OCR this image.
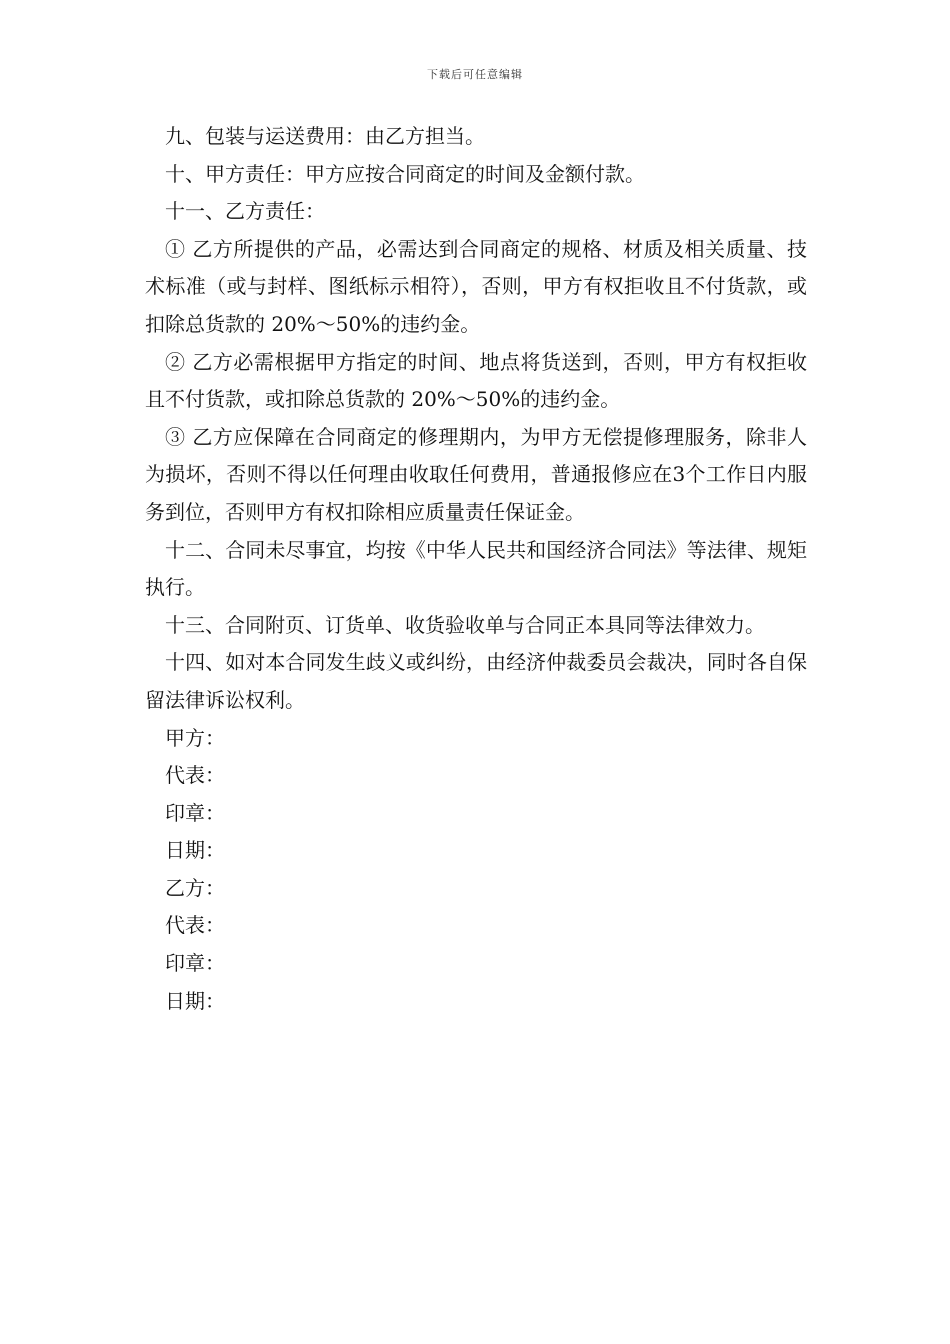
下载后可任意编辑

九、包装与运送费用：由乙方担当。

十、甲方责任：甲方应按合同商定的时间及金额付款。

十一、乙方责任：

① 乙方所提供的产品，必需达到合同商定的规格、材质及相关质量、技术标准（或与封样、图纸标示相符），否则，甲方有权拒收且不付货款，或扣除总货款的 20%～50%的违约金。

② 乙方必需根据甲方指定的时间、地点将货送到，否则，甲方有权拒收且不付货款，或扣除总货款的 20%～50%的违约金。

③ 乙方应保障在合同商定的修理期内，为甲方无偿提修理服务，除非人为损坏，否则不得以任何理由收取任何费用，普通报修应在3个工作日内服务到位，否则甲方有权扣除相应质量责任保证金。

十二、合同未尽事宜，均按《中华人民共和国经济合同法》等法律、规矩执行。

十三、合同附页、订货单、收货验收单与合同正本具同等法律效力。

十四、如对本合同发生歧义或纠纷，由经济仲裁委员会裁决，同时各自保留法律诉讼权利。

甲方：

代表：

印章：

日期：

乙方：

代表：

印章：

日期：
